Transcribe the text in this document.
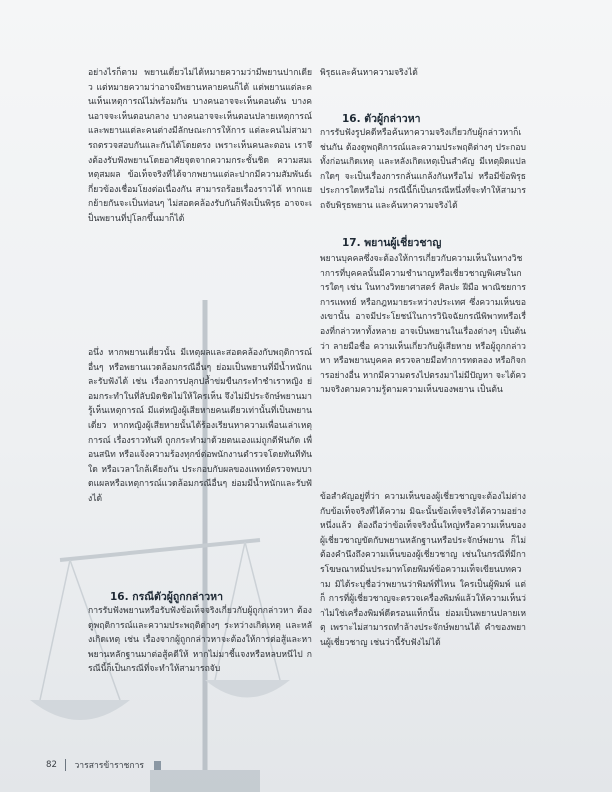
อย่างไรก็ตาม พยานเดี่ยวไม่ได้หมายความว่ามีพยานปากเดียว แต่หมายความว่าอาจมีพยานหลายคนก็ได้ แต่พยานแต่ละคนเห็นเหตุการณ์ไม่พร้อมกัน บางคนอาจจะเห็นตอนต้น บางคนอาจจะเห็นตอนกลาง บางคนอาจจะเห็นตอนปลายเหตุการณ์ และพยานแต่ละคนต่างมีลักษณะการให้การ แต่ละคนไม่สามารถตรวจสอบกันและกันได้โดยตรง เพราะเห็นคนละตอน เราจึงต้องรับฟังพยานโดยอาศัยจุดจากความกระชั้นชิด ความสมเหตุสมผล ข้อเท็จจริงที่ได้จากพยานแต่ละปากมีความสัมพันธ์เกี่ยวข้องเชื่อมโยงต่อเนื่องกัน สามารถร้อยเรื่องราวได้ หากแยกย้ายกันจะเป็นท่อนๆ ไม่สอดคล้องรับกันก็ฟังเป็นพิรุธ อาจจะเป็นพยานที่ปุโลกขึ้นมาก็ได้

อนึ่ง หากพยานเดี่ยวนั้น มีเหตุผลและสอดคล้องกับพฤติการณ์อื่นๆ หรือพยานแวดล้อมกรณีอื่นๆ ย่อมเป็นพยานที่มีน้ำหนักและรับฟังได้ เช่น เรื่องการปลุกปล้ำข่มขืนกระทำชำเราหญิง ย่อมกระทำในที่ลับมิดชิดไม่ให้ใครเห็น จึงไม่มีประจักษ์พยานมารู้เห็นเหตุการณ์ มีแต่หญิงผู้เสียหายคนเดียวเท่านั้นที่เป็นพยานเดี่ยว หากหญิงผู้เสียหายนั้นได้ร้องเรียนหาความเพื่อนเล่าเหตุการณ์ เรื่องราวทันที ถูกกระทำมาด้วยตนเองแม่ถูกตีฟันกัด เพื่อนสนิท หรือแจ้งความร้องทุกข์ต่อพนักงานตำรวจโดยทันทีทันใด หรือเวลาใกล้เคียงกัน ประกอบกับผลของแพทย์ตรวจพบบาดแผลหรือเหตุการณ์แวดล้อมกรณีอื่นๆ ย่อมมีน้ำหนักและรับฟังได้

16. กรณีตัวผู้ถูกกล่าวหา

การรับฟังพยานหรือรับฟังข้อเท็จจริงเกี่ยวกับผู้ถูกกล่าวหา ต้องดูพฤติการณ์และความประพฤติต่างๆ ระหว่างเกิดเหตุ และหลังเกิดเหตุ เช่น เรื่องจากผู้ถูกกล่าวหาจะต้องให้การต่อสู้และหาพยานหลักฐานมาต่อสู้คดีให้ หากไม่มาชี้แจงหรือหลบหนีไป กรณีนี้ก็เป็นกรณีที่จะทำให้สามารถจับ

พิรุธและค้นหาความจริงได้

16. ตัวผู้กล่าวหา

การรับฟังรูปคดีหรือค้นหาความจริงเกี่ยวกับผู้กล่าวหาก็เช่นกัน ต้องดูพฤติการณ์และความประพฤติต่างๆ ประกอบทั้งก่อนเกิดเหตุ และหลังเกิดเหตุเป็นสำคัญ มีเหตุผิดแปลกใดๆ จะเป็นเรื่องการกลั่นแกล้งกันหรือไม่ หรือมีข้อพิรุธประการใดหรือไม่ กรณีนี้ก็เป็นกรณีหนึ่งที่จะทำให้สามารถจับพิรุธพยาน และค้นหาความจริงได้

17. พยานผู้เชี่ยวชาญ

พยานบุคคลซึ่งจะต้องให้การเกี่ยวกับความเห็นในทางวิชาการที่บุคคลนั้นมีความชำนาญหรือเชี่ยวชาญพิเศษในการใดๆ เช่น ในทางวิทยาศาสตร์ ศิลปะ ฝีมือ พาณิชยการ การแพทย์ หรือกฎหมายระหว่างประเทศ ซึ่งความเห็นของเขานั้น อาจมีประโยชน์ในการวินิจฉัยกรณีพิพาทหรือเรื่องที่กล่าวหาทั้งหลาย อาจเป็นพยานในเรื่องต่างๆ เป็นต้นว่า ลายมือชื่อ ความเห็นเกี่ยวกับผู้เสียหาย หรือผู้ถูกกล่าวหา หรือพยานบุคคล ตรวจลายมือทำการทดลอง หรือกิจการอย่างอื่น หากมีความตรงไปตรงมาไม่มีปัญหา จะได้ความจริงตามความรู้ตามความเห็นของพยาน เป็นต้น

ข้อสำคัญอยู่ที่ว่า ความเห็นของผู้เชี่ยวชาญจะต้องไม่ต่างกับข้อเท็จจริงที่ได้ความ มิฉะนั้นข้อเท็จจริงได้ความอย่างหนึ่งแล้ว ต้องถือว่าข้อเท็จจริงนั้นใหญ่หรือความเห็นของผู้เชี่ยวชาญขัดกับพยานหลักฐานหรือประจักษ์พยาน ก็ไม่ต้องคำนึงถึงความเห็นของผู้เชี่ยวชาญ เช่นในกรณีที่มีการโฆษณาหมิ่นประมาทโดยพิมพ์ข้อความเท็จเขียนบทความ มิได้ระบุชื่อว่าพยานว่าพิมพ์ที่ไหน ใครเป็นผู้พิมพ์ แต่ก็ การที่ผู้เชี่ยวชาญจะตรวจเครื่องพิมพ์แล้วให้ความเห็นว่าไม่ใช่เครื่องพิมพ์ดีดรอนแท็กนั้น ย่อมเป็นพยานปลายเหตุ เพราะไม่สามารถทำล้างประจักษ์พยานได้ คำของพยานผู้เชี่ยวชาญ เช่นว่านี้รับฟังไม่ได้

82 วารสารข้าราชการ
